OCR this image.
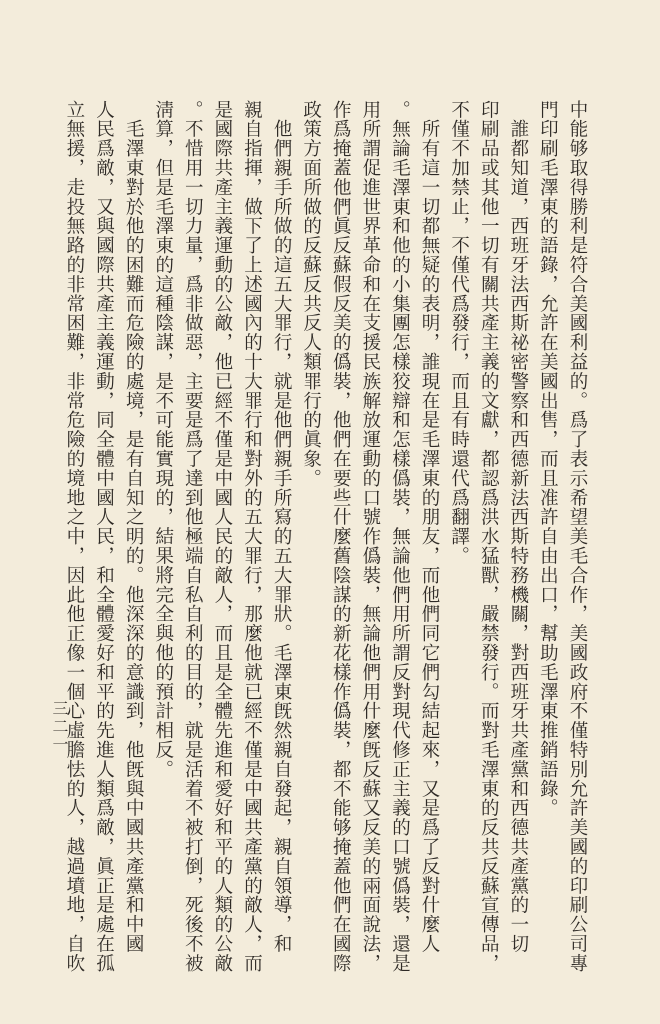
中能够取得勝利是符合美國利益的。爲了表示希望美毛合作，美國政府不僅特別允許美國的印刷公司專
門印刷毛澤東的語錄，允許在美國出售，而且准許自由出口，幫助毛澤東推銷語錄。
　誰都知道，西班牙法西斯祕密警察和西德新法西斯特務機關，對西班牙共產黨和西德共產黨的一切
印刷品或其他一切有關共產主義的文獻，都認爲洪水猛獸，嚴禁發行。而對毛澤東的反共反蘇宣傳品，
不僅不加禁止，不僅代爲發行，而且有時還代爲翻譯。
　所有這一切都無疑的表明，誰現在是毛澤東的朋友，而他們同它們勾結起來，又是爲了反對什麼人
。無論毛澤東和他的小集團怎樣狡辯和怎樣僞裝，無論他們用所謂反對現代修正主義的口號僞裝，還是
用所謂促進世界革命和在支援民族解放運動的口號作僞裝，無論他們用什麼旣反蘇又反美的兩面說法，
作爲掩蓋他們眞反蘇假反美的僞裝，他們在要些什麼舊陰謀的新花樣作僞裝，都不能够掩蓋他們在國際
政策方面所做的反蘇反共反人類罪行的眞象。
　他們親手所做的這五大罪行，就是他們親手所寫的五大罪狀。毛澤東旣然親自發起，親自領導，和
親自指揮，做下了上述國內的十大罪行和對外的五大罪行，那麼他就已經不僅是中國共產黨的敵人，而
是國際共產主義運動的公敵，他已經不僅是中國人民的敵人，而且是全體先進和愛好和平的人類的公敵
。不惜用一切力量，爲非做惡，主要是爲了達到他極端自私自利的目的，就是活着不被打倒，死後不被
淸算，但是毛澤東的這種陰謀，是不可能實現的，結果將完全與他的預計相反。
　毛澤東對於他的困難而危險的處境，是有自知之明的。他深深的意識到，他旣與中國共產黨和中國
人民爲敵，又與國際共產主義運動，同全體中國人民，和全體愛好和平的先進人類爲敵，眞正是處在孤
立無援，走投無路的非常困難，非常危險的境地之中，因此他正像一個心虛膽怯的人，越過墳地，自吹
三二一
